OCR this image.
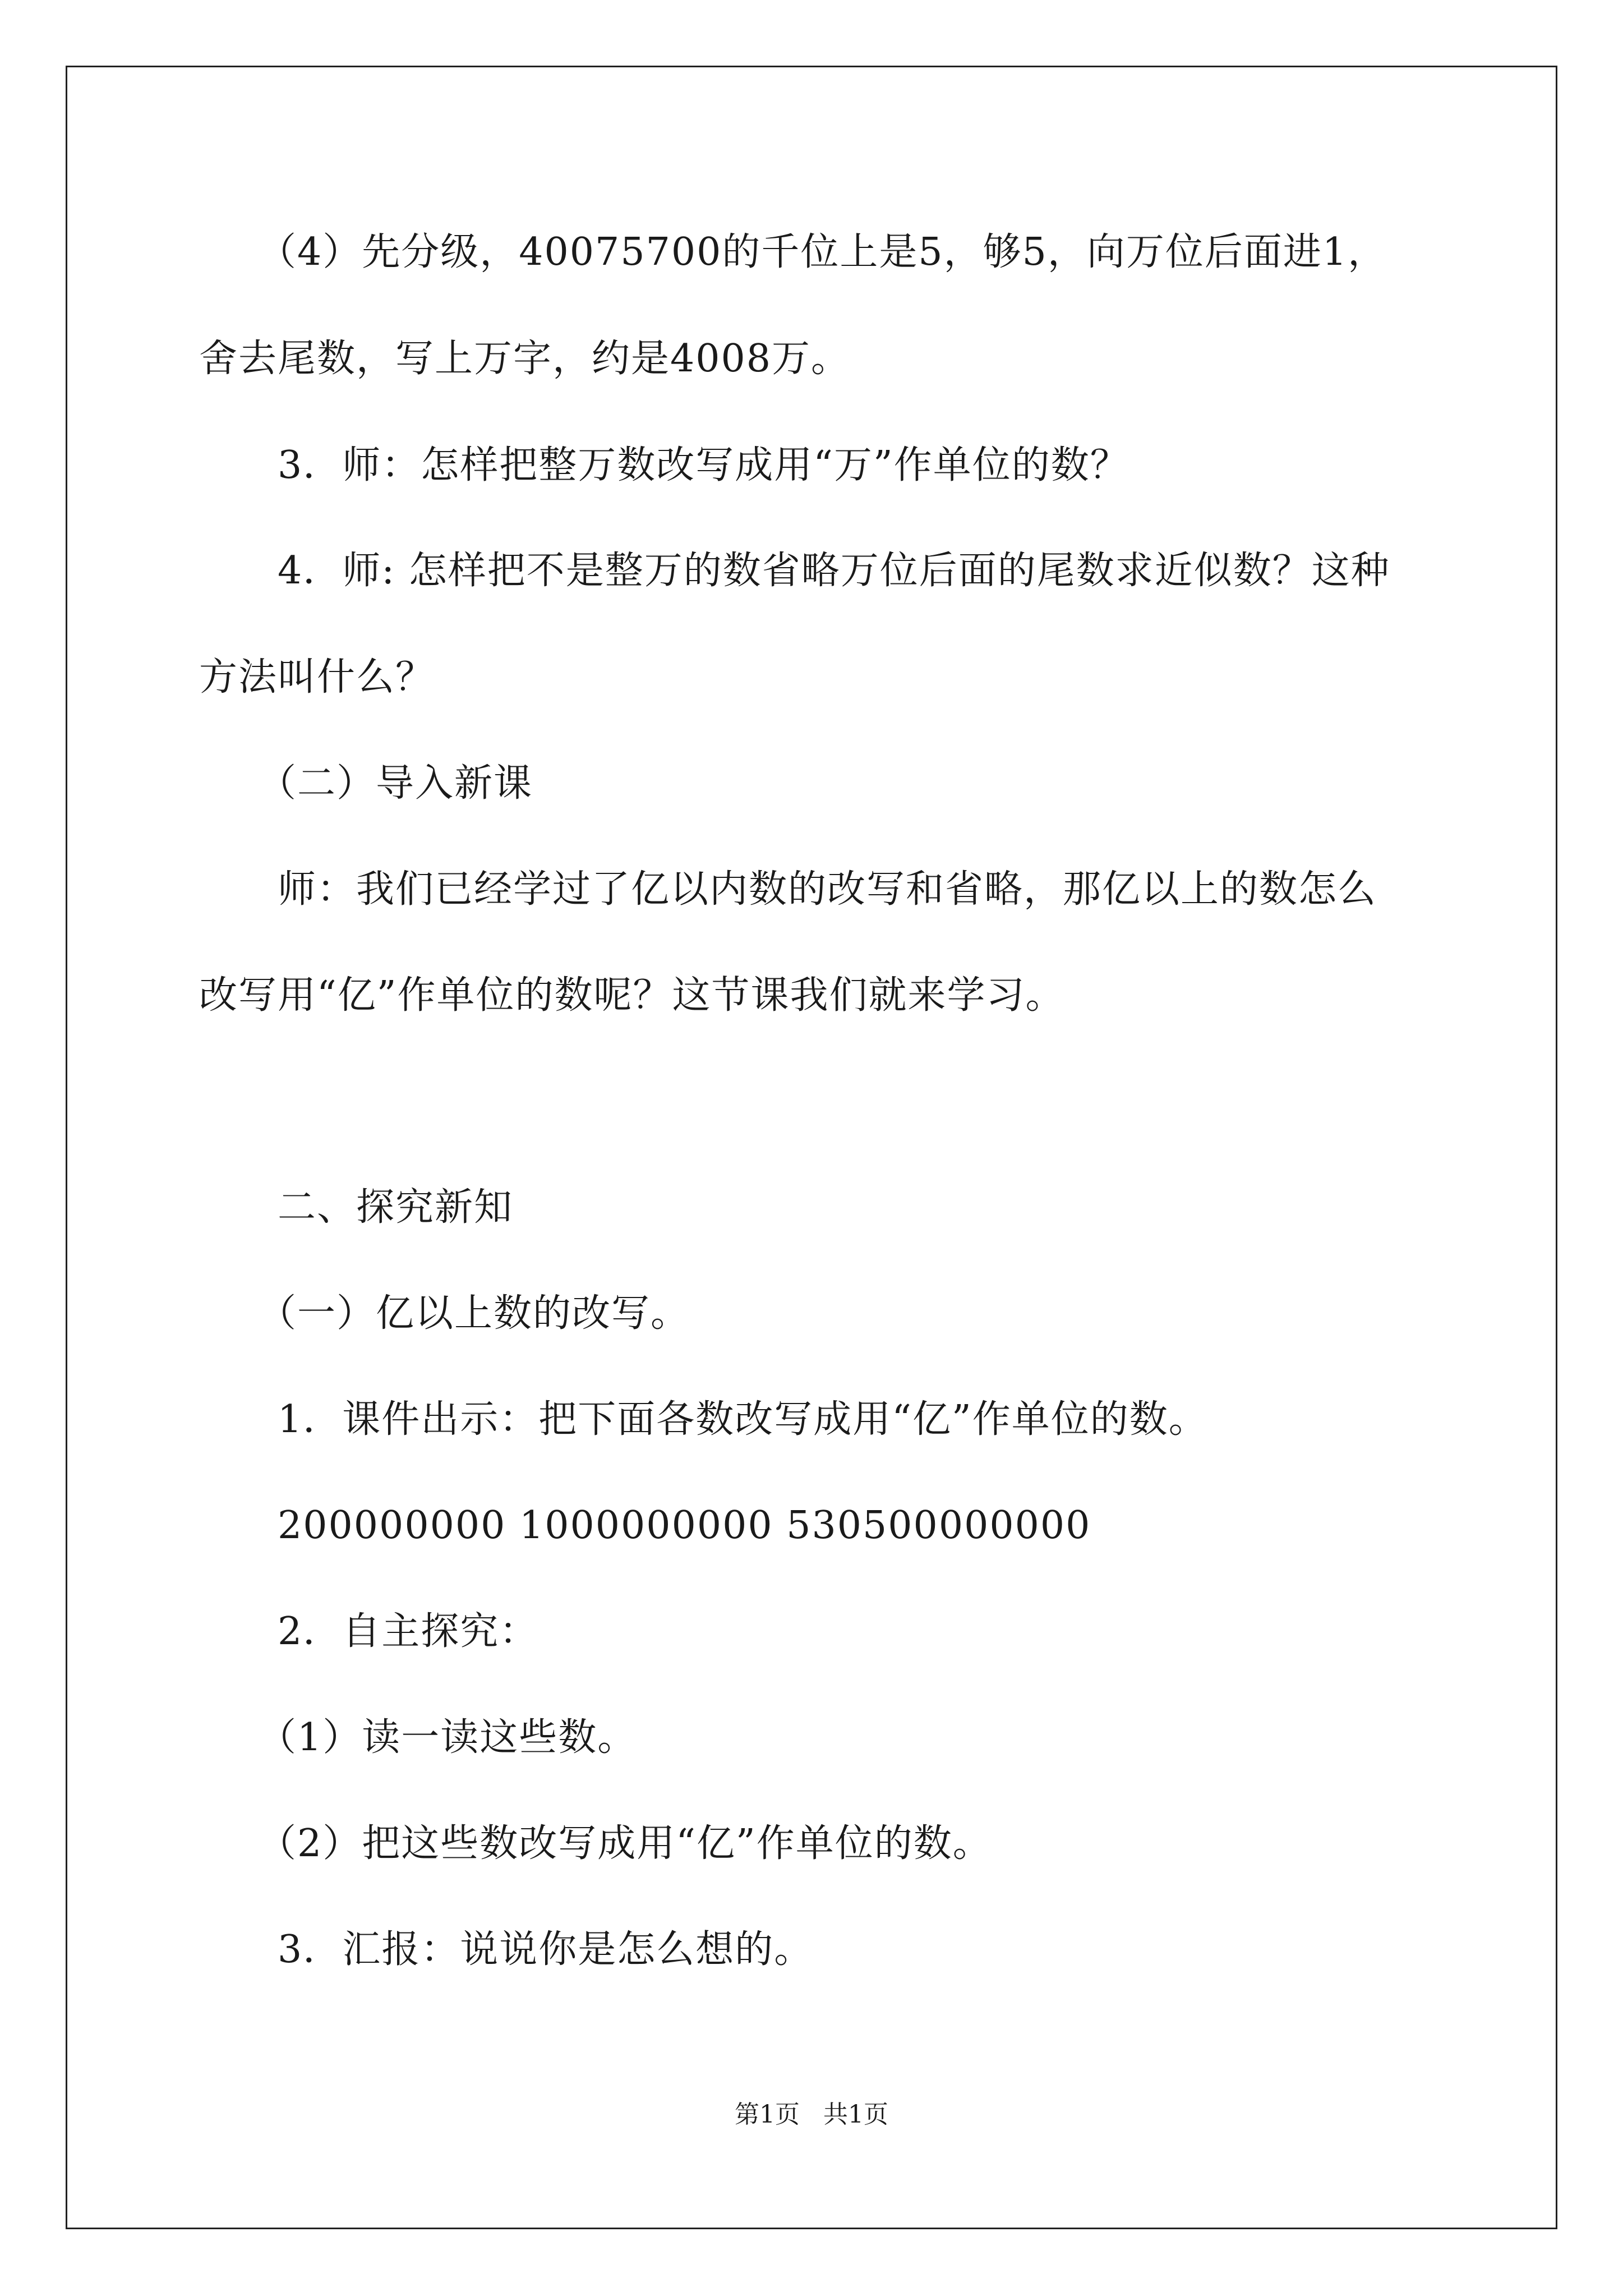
（4）先分级，40075700的千位上是5，够5，向万位后面进1，
舍去尾数，写上万字，约是4008万。
3．师：怎样把整万数改写成用“万”作单位的数？
4．师: 怎样把不是整万的数省略万位后面的尾数求近似数？这种
方法叫什么？
（二）导入新课
师：我们已经学过了亿以内数的改写和省略，那亿以上的数怎么
改写用“亿”作单位的数呢？这节课我们就来学习。
二、探究新知
（一）亿以上数的改写。
1．课件出示：把下面各数改写成用“亿”作单位的数。
200000000 1000000000 530500000000
2．自主探究：
（1）读一读这些数。
（2）把这些数改写成用“亿”作单位的数。
3．汇报：说说你是怎么想的。
第1页   共1页
